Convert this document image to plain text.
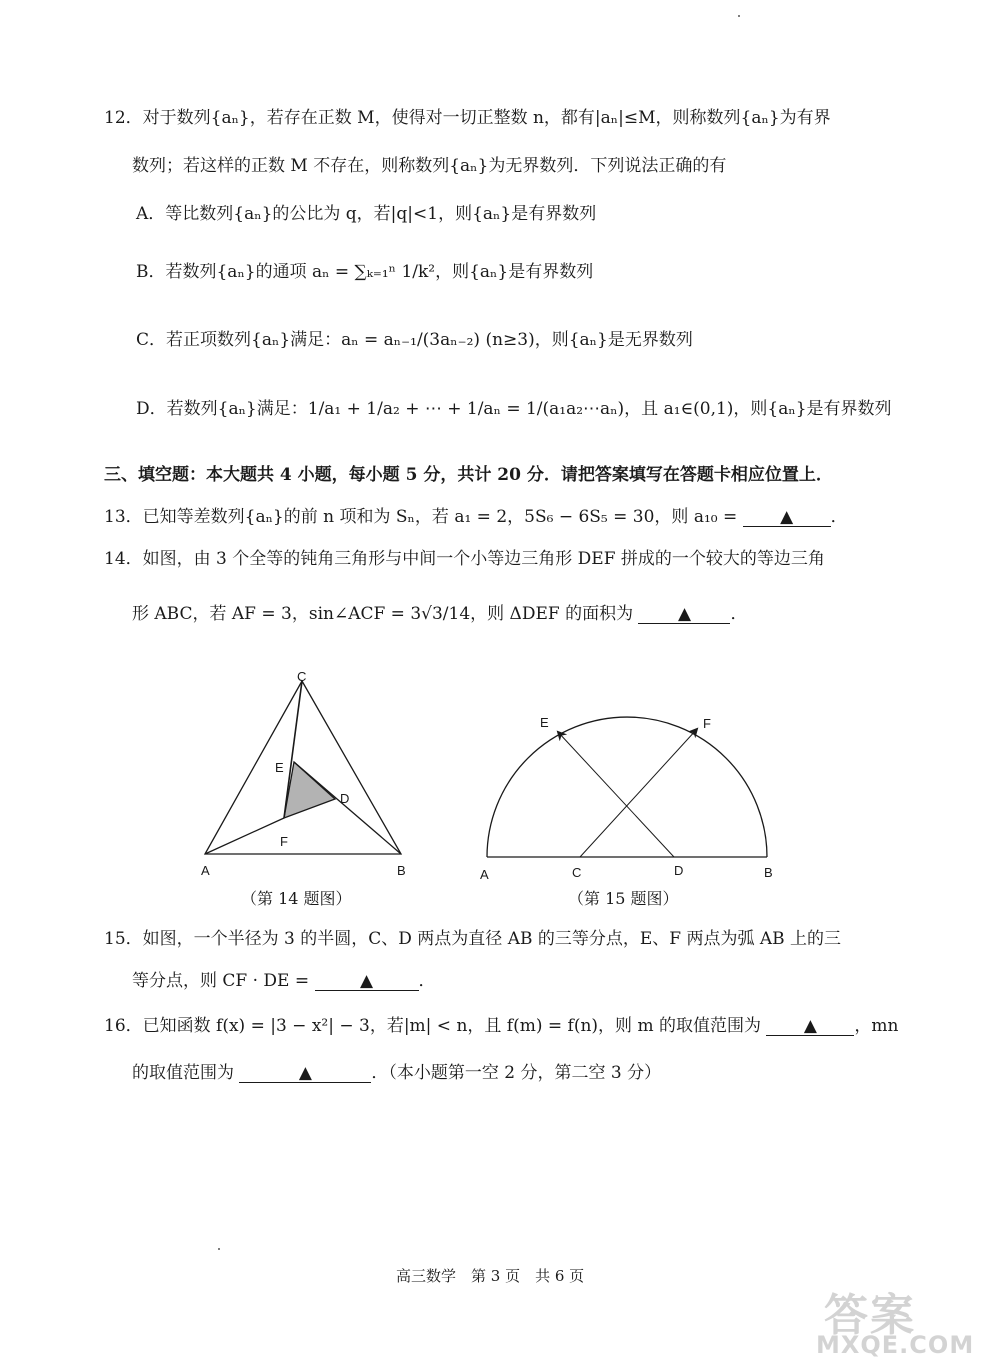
12．对于数列{aₙ}，若存在正数 M，使得对一切正整数 n，都有|aₙ|≤M，则称数列{aₙ}为有界
数列；若这样的正数 M 不存在，则称数列{aₙ}为无界数列．下列说法正确的有
A．等比数列{aₙ}的公比为 q，若|q|<1，则{aₙ}是有界数列
B．若数列{aₙ}的通项 aₙ = ∑ₖ₌₁ⁿ 1/k²，则{aₙ}是有界数列
C．若正项数列{aₙ}满足：aₙ = aₙ₋₁/(3aₙ₋₂) (n≥3)，则{aₙ}是无界数列
D．若数列{aₙ}满足：1/a₁ + 1/a₂ + ⋯ + 1/aₙ = 1/(a₁a₂⋯aₙ)，且 a₁∈(0,1)，则{aₙ}是有界数列
三、填空题：本大题共 4 小题，每小题 5 分，共计 20 分．请把答案填写在答题卡相应位置上．
13．已知等差数列{aₙ}的前 n 项和为 Sₙ，若 a₁ = 2，5S₆ − 6S₅ = 30，则 a₁₀ =	▲ ．
14．如图，由 3 个全等的钝角三角形与中间一个小等边三角形 DEF 拼成的一个较大的等边三角
形 ABC，若 AF = 3，sin∠ACF = 3√3/14，则 ΔDEF 的面积为	▲ ．
C
E
D
F
A	B
（第 14 题图）
E	F
A	C	D	B
（第 15 题图）
15．如图，一个半径为 3 的半圆，C、D 两点为直径 AB 的三等分点，E、F 两点为弧 AB 上的三
等分点，则 CF · DE =	▲	．
16．已知函数 f(x) = |3 − x²| − 3，若|m| < n，且 f(m) = f(n)，则 m 的取值范围为	▲ ，mn
的取值范围为	▲	．（本小题第一空 2 分，第二空 3 分）
高三数学　第 3 页　共 6 页
答案
MXQE.COM
